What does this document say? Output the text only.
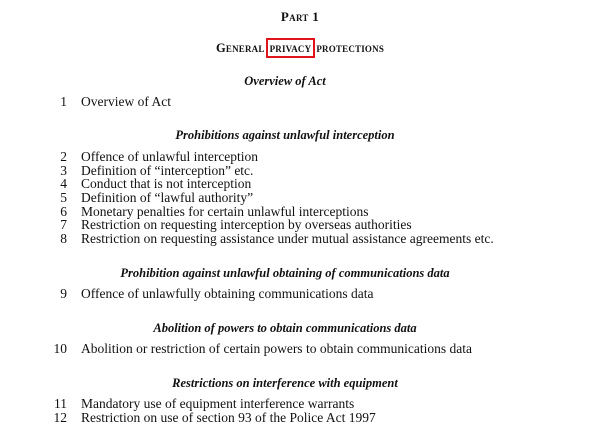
Part 1
General privacy protections
Overview of Act
1 Overview of Act
Prohibitions against unlawful interception
2 Offence of unlawful interception
3 Definition of “interception” etc.
4 Conduct that is not interception
5 Definition of “lawful authority”
6 Monetary penalties for certain unlawful interceptions
7 Restriction on requesting interception by overseas authorities
8 Restriction on requesting assistance under mutual assistance agreements etc.
Prohibition against unlawful obtaining of communications data
9 Offence of unlawfully obtaining communications data
Abolition of powers to obtain communications data
10 Abolition or restriction of certain powers to obtain communications data
Restrictions on interference with equipment
11 Mandatory use of equipment interference warrants
12 Restriction on use of section 93 of the Police Act 1997
